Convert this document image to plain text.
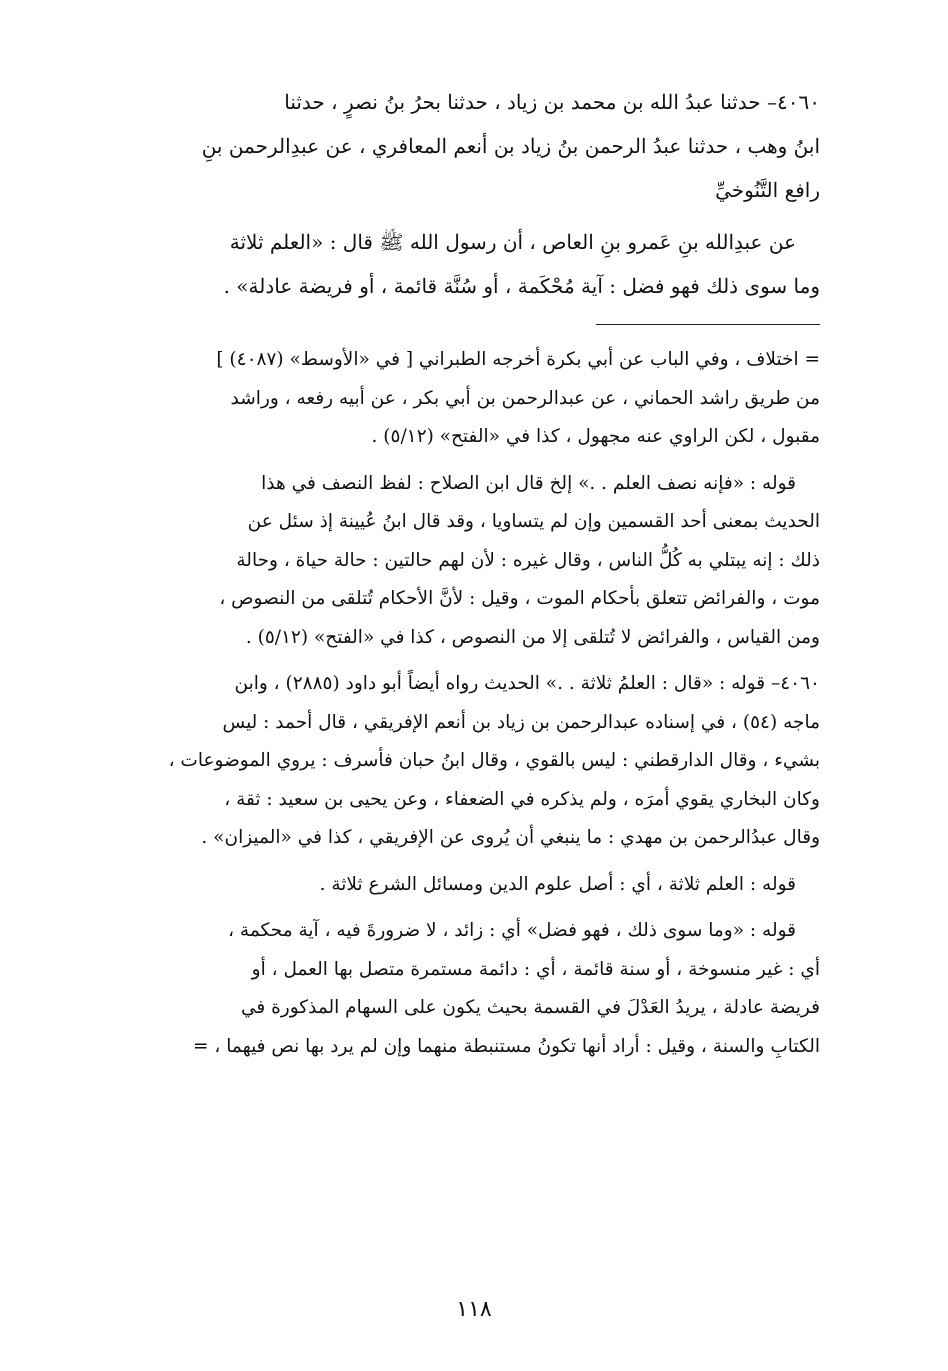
٤٠٦٠– حدثنا عبدُ الله بن محمد بن زياد ، حدثنا بحرُ بنُ نصرٍ ، حدثنا

ابنُ وهب ، حدثنا عبدُ الرحمن بنُ زياد بن أنعم المعافري ، عن عبدِالرحمن بنِ

رافع التَّنُوخيِّ

عن عبدِالله بنِ عَمرو بنِ العاص ، أن رسول الله ﷺ قال : «العلم ثلاثة

وما سوى ذلك فهو فضل : آية مُحْكَمة ، أو سُنَّة قائمة ، أو فريضة عادلة» .

= اختلاف ، وفي الباب عن أبي بكرة أخرجه الطبراني [ في «الأوسط» (٤٠٨٧) ]

من طريق راشد الحماني ، عن عبدالرحمن بن أبي بكر ، عن أبيه رفعه ، وراشد

مقبول ، لكن الراوي عنه مجهول ، كذا في «الفتح» (٥/١٢) .

قوله : «فإنه نصف العلم . .» إلخ قال ابن الصلاح : لفظ النصف في هذا

الحديث بمعنى أحد القسمين وإن لم يتساويا ، وقد قال ابنُ عُيينة إذ سئل عن

ذلك : إنه يبتلي به كُلُّ الناس ، وقال غيره : لأن لهم حالتين : حالة حياة ، وحالة

موت ، والفرائض تتعلق بأحكام الموت ، وقيل : لأنَّ الأحكام تُتلقى من النصوص ،

ومن القياس ، والفرائض لا تُتلقى إلا من النصوص ، كذا في «الفتح» (٥/١٢) .

٤٠٦٠– قوله : «قال : العلمُ ثلاثة . .» الحديث رواه أيضاً أبو داود (٢٨٨٥) ، وابن

ماجه (٥٤) ، في إسناده عبدالرحمن بن زياد بن أنعم الإفريقي ، قال أحمد : ليس

بشيء ، وقال الدارقطني : ليس بالقوي ، وقال ابنُ حبان فأسرف : يروي الموضوعات ،

وكان البخاري يقوي أمرَه ، ولم يذكره في الضعفاء ، وعن يحيى بن سعيد : ثقة ،

وقال عبدُالرحمن بن مهدي : ما ينبغي أن يُروى عن الإفريقي ، كذا في «الميزان» .

قوله : العلم ثلاثة ، أي : أصل علوم الدين ومسائل الشرع ثلاثة .

قوله : «وما سوى ذلك ، فهو فضل» أي : زائد ، لا ضرورةَ فيه ، آية محكمة ،

أي : غير منسوخة ، أو سنة قائمة ، أي : دائمة مستمرة متصل بها العمل ، أو

فريضة عادلة ، يريدُ العَدْلَ في القسمة بحيث يكون على السهام المذكورة في

الكتابِ والسنة ، وقيل : أراد أنها تكونُ مستنبطة منهما وإن لم يرد بها نص فيهما ، =

١١٨
